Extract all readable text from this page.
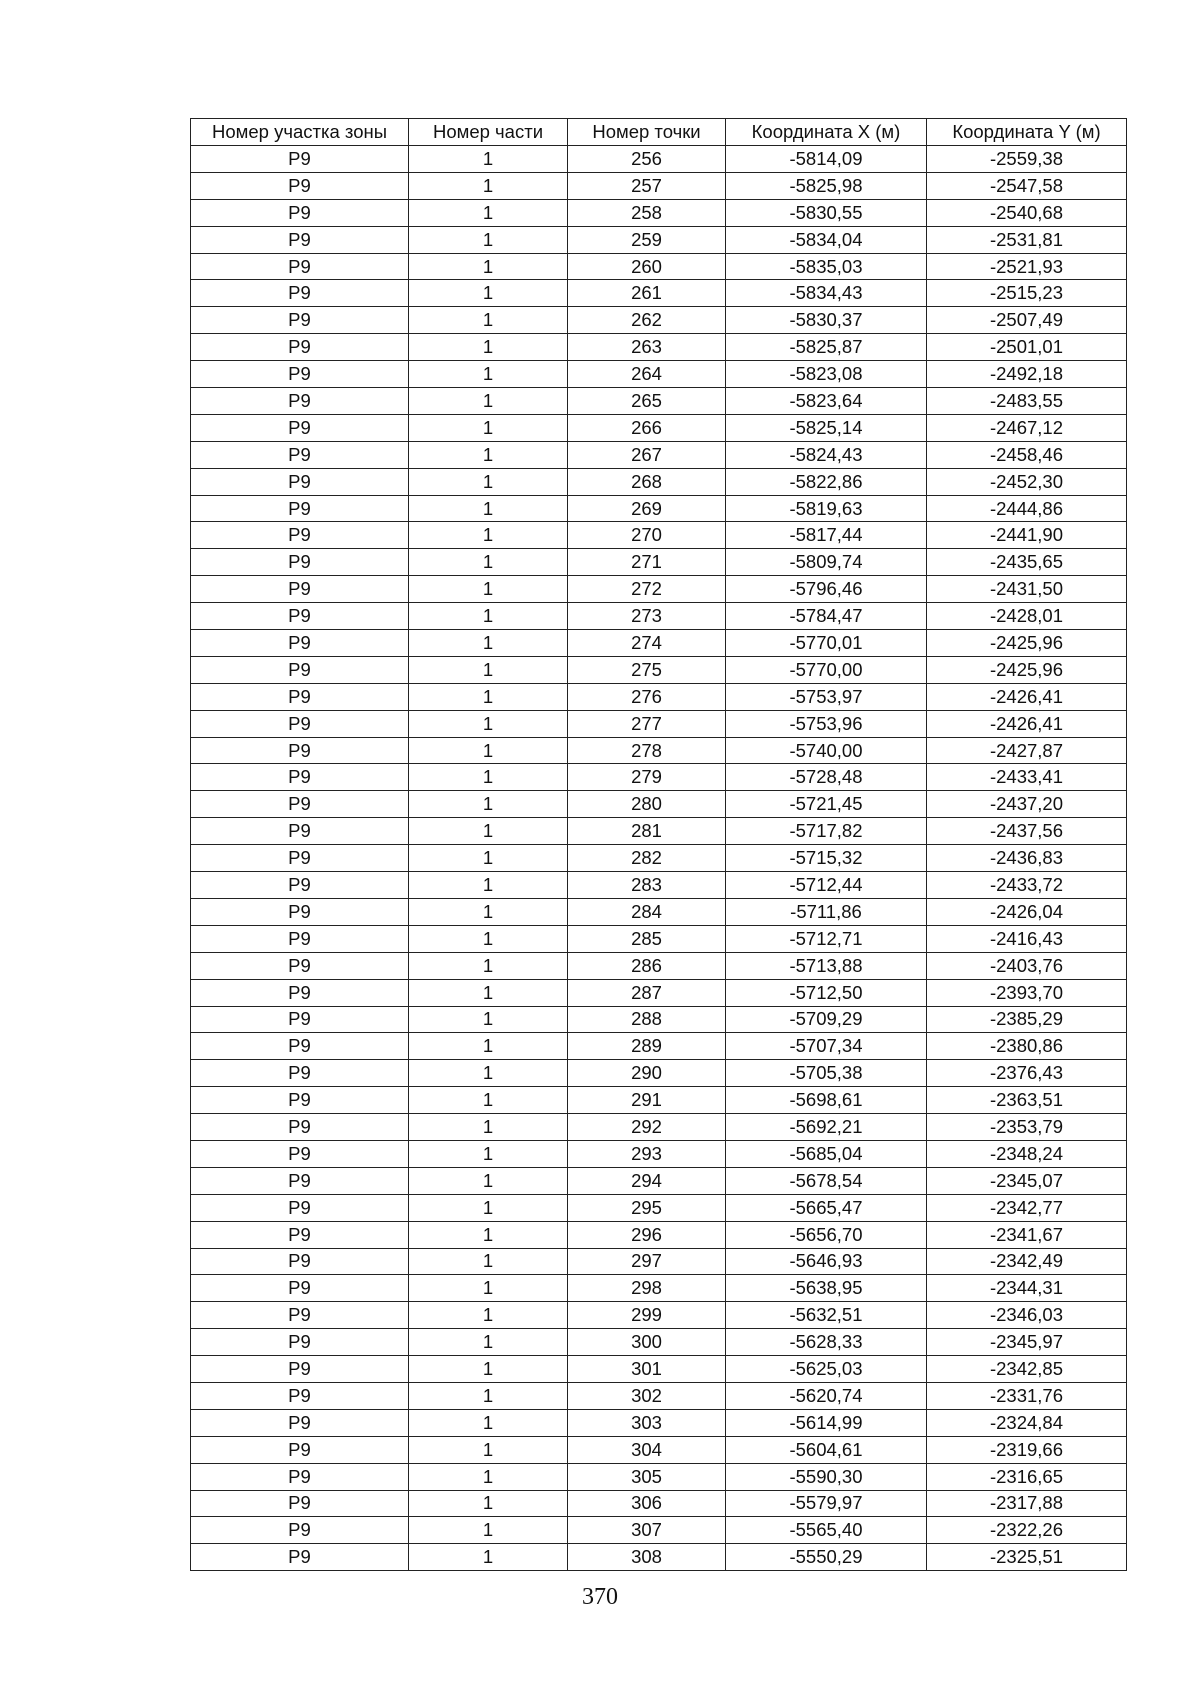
Номер участка зоны	Номер части	Номер точки	Координата X (м)	Координата Y (м)
Р9	1	256	-5814,09	-2559,38
Р9	1	257	-5825,98	-2547,58
Р9	1	258	-5830,55	-2540,68
Р9	1	259	-5834,04	-2531,81
Р9	1	260	-5835,03	-2521,93
Р9	1	261	-5834,43	-2515,23
Р9	1	262	-5830,37	-2507,49
Р9	1	263	-5825,87	-2501,01
Р9	1	264	-5823,08	-2492,18
Р9	1	265	-5823,64	-2483,55
Р9	1	266	-5825,14	-2467,12
Р9	1	267	-5824,43	-2458,46
Р9	1	268	-5822,86	-2452,30
Р9	1	269	-5819,63	-2444,86
Р9	1	270	-5817,44	-2441,90
Р9	1	271	-5809,74	-2435,65
Р9	1	272	-5796,46	-2431,50
Р9	1	273	-5784,47	-2428,01
Р9	1	274	-5770,01	-2425,96
Р9	1	275	-5770,00	-2425,96
Р9	1	276	-5753,97	-2426,41
Р9	1	277	-5753,96	-2426,41
Р9	1	278	-5740,00	-2427,87
Р9	1	279	-5728,48	-2433,41
Р9	1	280	-5721,45	-2437,20
Р9	1	281	-5717,82	-2437,56
Р9	1	282	-5715,32	-2436,83
Р9	1	283	-5712,44	-2433,72
Р9	1	284	-5711,86	-2426,04
Р9	1	285	-5712,71	-2416,43
Р9	1	286	-5713,88	-2403,76
Р9	1	287	-5712,50	-2393,70
Р9	1	288	-5709,29	-2385,29
Р9	1	289	-5707,34	-2380,86
Р9	1	290	-5705,38	-2376,43
Р9	1	291	-5698,61	-2363,51
Р9	1	292	-5692,21	-2353,79
Р9	1	293	-5685,04	-2348,24
Р9	1	294	-5678,54	-2345,07
Р9	1	295	-5665,47	-2342,77
Р9	1	296	-5656,70	-2341,67
Р9	1	297	-5646,93	-2342,49
Р9	1	298	-5638,95	-2344,31
Р9	1	299	-5632,51	-2346,03
Р9	1	300	-5628,33	-2345,97
Р9	1	301	-5625,03	-2342,85
Р9	1	302	-5620,74	-2331,76
Р9	1	303	-5614,99	-2324,84
Р9	1	304	-5604,61	-2319,66
Р9	1	305	-5590,30	-2316,65
Р9	1	306	-5579,97	-2317,88
Р9	1	307	-5565,40	-2322,26
Р9	1	308	-5550,29	-2325,51
370
